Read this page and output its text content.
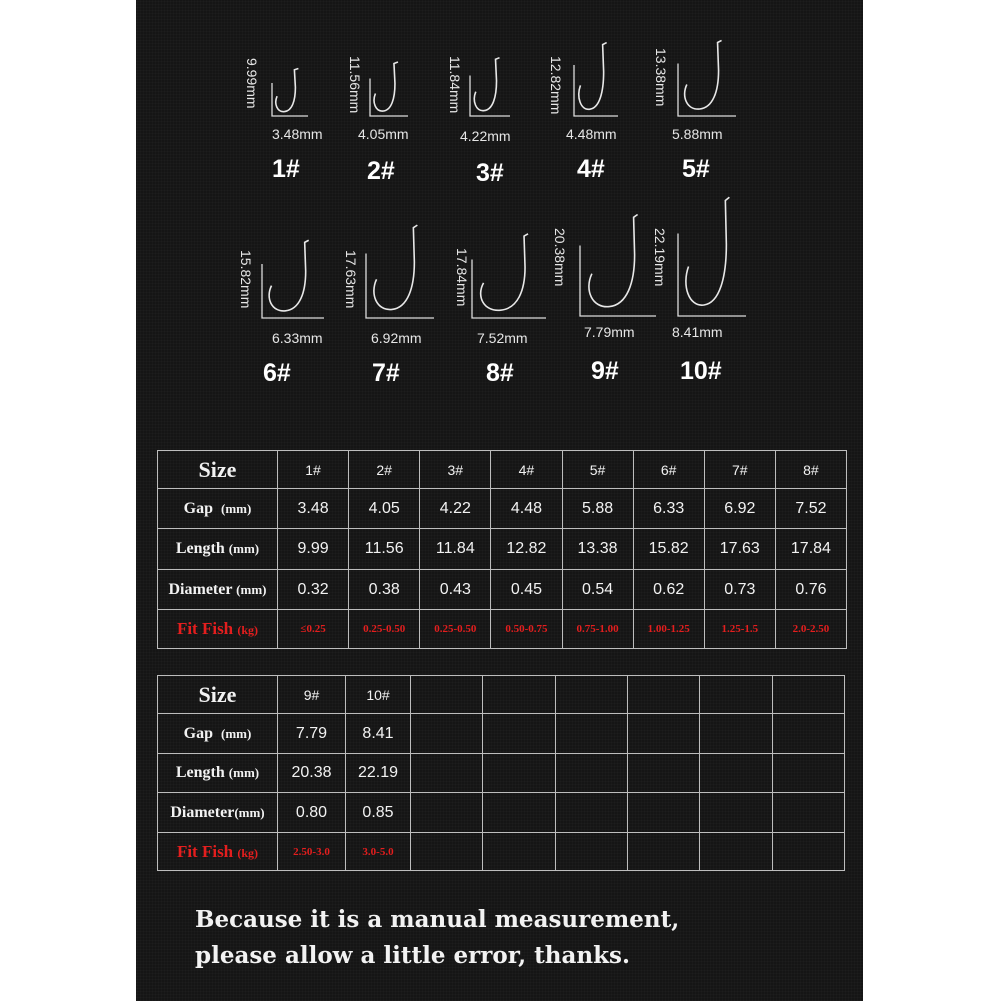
9.99mm
3.48mm
1#
11.56mm
4.05mm
2#
11.84mm
4.22mm
3#
12.82mm
4.48mm
4#
13.38mm
5.88mm
5#
15.82mm
6.33mm
6#
17.63mm
6.92mm
7#
17.84mm
7.52mm
8#
20.38mm
7.79mm
9#
22.19mm
8.41mm
10#
Size	1#	2#	3#	4#	5#	6#	7#	8#
Gap (mm)	3.48	4.05	4.22	4.48	5.88	6.33	6.92	7.52
Length (mm)	9.99	11.56	11.84	12.82	13.38	15.82	17.63	17.84
Diameter (mm)	0.32	0.38	0.43	0.45	0.54	0.62	0.73	0.76
Fit Fish (kg)	≤0.25	0.25-0.50	0.25-0.50	0.50-0.75	0.75-1.00	1.00-1.25	1.25-1.5	2.0-2.50
Size	9#	10#						
Gap (mm)	7.79	8.41						
Length (mm)	20.38	22.19						
Diameter(mm)	0.80	0.85						
Fit Fish (kg)	2.50-3.0	3.0-5.0						
Because it is a manual measurement,
please allow a little error, thanks.
